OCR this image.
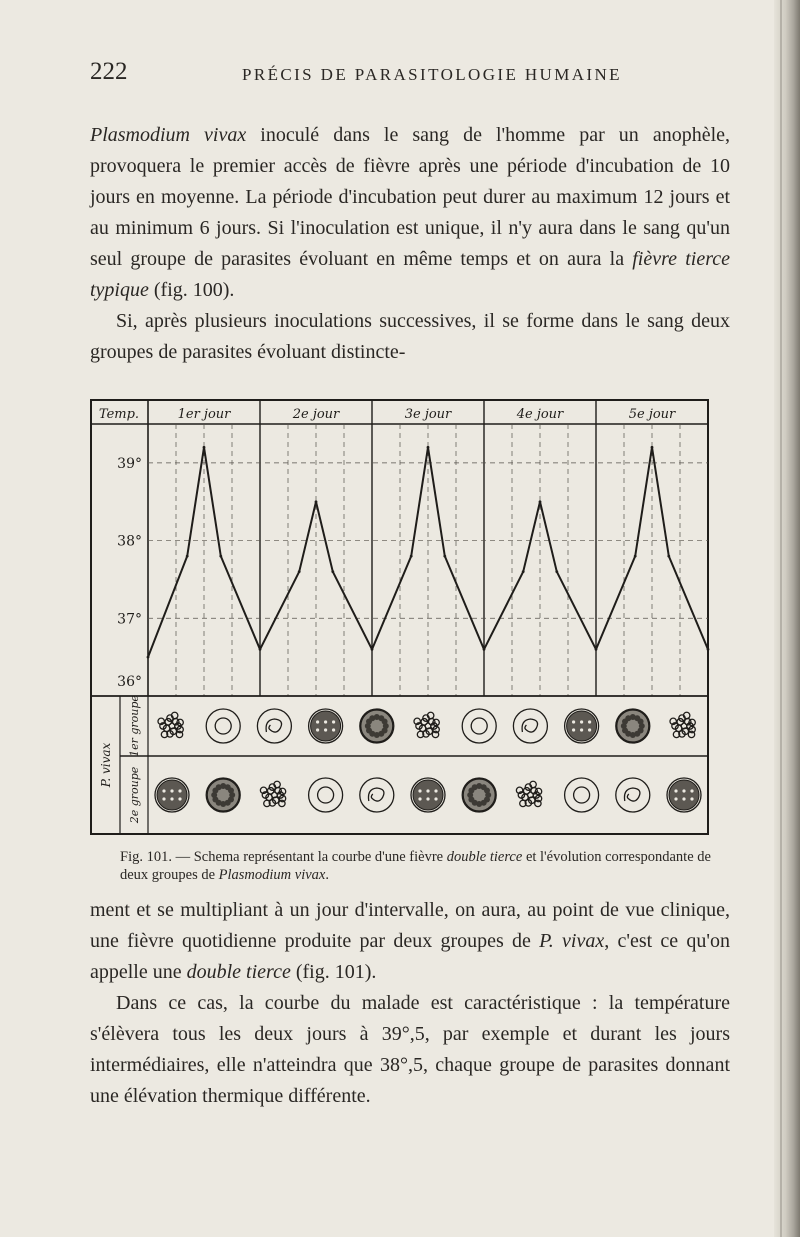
222	PRÉCIS DE PARASITOLOGIE HUMAINE

Plasmodium vivax inoculé dans le sang de l'homme par un anophèle, provoquera le premier accès de fièvre après une période d'incubation de 10 jours en moyenne. La période d'incubation peut durer au maximum 12 jours et au minimum 6 jours. Si l'inoculation est unique, il n'y aura dans le sang qu'un seul groupe de parasites évoluant en même temps et on aura la fièvre tierce typique (fig. 100).

Si, après plusieurs inoculations successives, il se forme dans le sang deux groupes de parasites évoluant distincte-

Temp.	1er jour	2e jour	3e jour	4e jour	5e jour
39°
38°
37°
36°
P. vivax
1er groupe
2e groupe
Fig. 101. — Schema représentant la courbe d'une fièvre double tierce et l'évolution correspondante de deux groupes de Plasmodium vivax.

ment et se multipliant à un jour d'intervalle, on aura, au point de vue clinique, une fièvre quotidienne produite par deux groupes de P. vivax, c'est ce qu'on appelle une double tierce (fig. 101).

Dans ce cas, la courbe du malade est caractéristique : la température s'élèvera tous les deux jours à 39°,5, par exemple et durant les jours intermédiaires, elle n'atteindra que 38°,5, chaque groupe de parasites donnant une élévation thermique différente.
